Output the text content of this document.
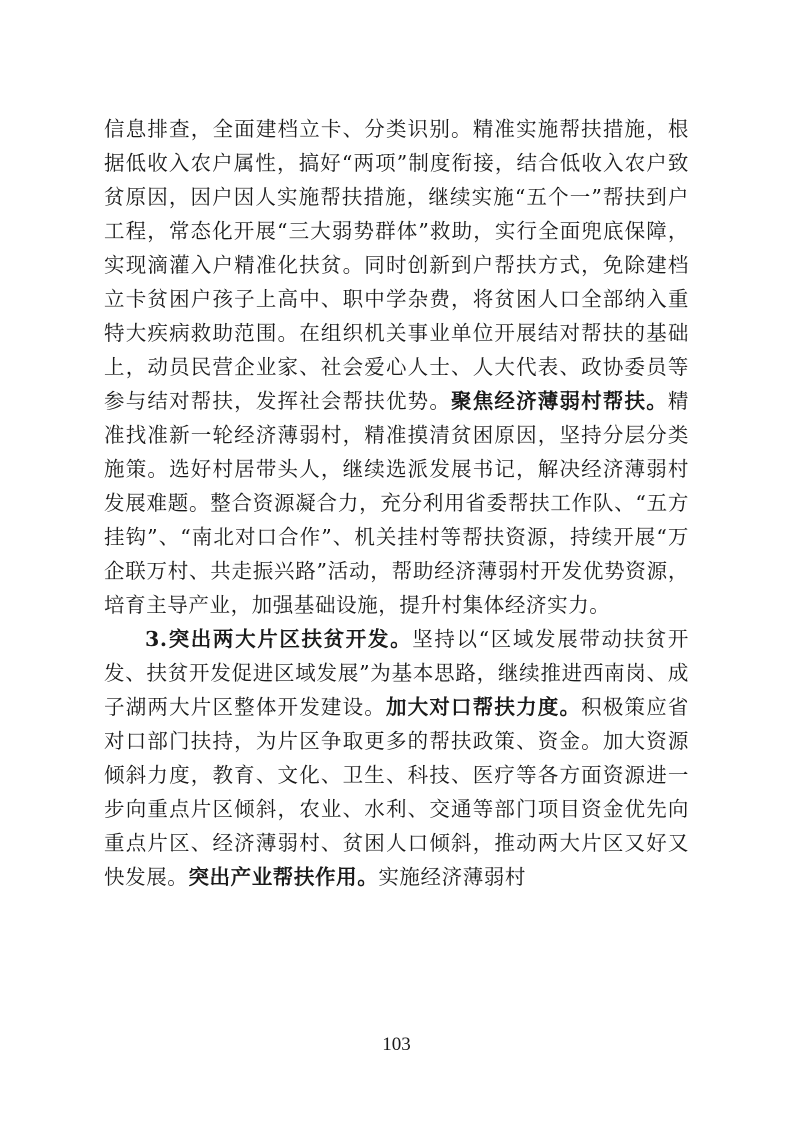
信息排查，全面建档立卡、分类识别。精准实施帮扶措施，根据低收入农户属性，搞好“两项”制度衔接，结合低收入农户致贫原因，因户因人实施帮扶措施，继续实施“五个一”帮扶到户工程，常态化开展“三大弱势群体”救助，实行全面兜底保障，实现滴灌入户精准化扶贫。同时创新到户帮扶方式，免除建档立卡贫困户孩子上高中、职中学杂费，将贫困人口全部纳入重特大疾病救助范围。在组织机关事业单位开展结对帮扶的基础上，动员民营企业家、社会爱心人士、人大代表、政协委员等参与结对帮扶，发挥社会帮扶优势。聚焦经济薄弱村帮扶。精准找准新一轮经济薄弱村，精准摸清贫困原因，坚持分层分类施策。选好村居带头人，继续选派发展书记，解决经济薄弱村发展难题。整合资源凝合力，充分利用省委帮扶工作队、“五方挂钩”、“南北对口合作”、机关挂村等帮扶资源，持续开展“万企联万村、共走振兴路”活动，帮助经济薄弱村开发优势资源，培育主导产业，加强基础设施，提升村集体经济实力。

3.突出两大片区扶贫开发。坚持以“区域发展带动扶贫开发、扶贫开发促进区域发展”为基本思路，继续推进西南岗、成子湖两大片区整体开发建设。加大对口帮扶力度。积极策应省对口部门扶持，为片区争取更多的帮扶政策、资金。加大资源倾斜力度，教育、文化、卫生、科技、医疗等各方面资源进一步向重点片区倾斜，农业、水利、交通等部门项目资金优先向重点片区、经济薄弱村、贫困人口倾斜，推动两大片区又好又快发展。突出产业帮扶作用。实施经济薄弱村

103
